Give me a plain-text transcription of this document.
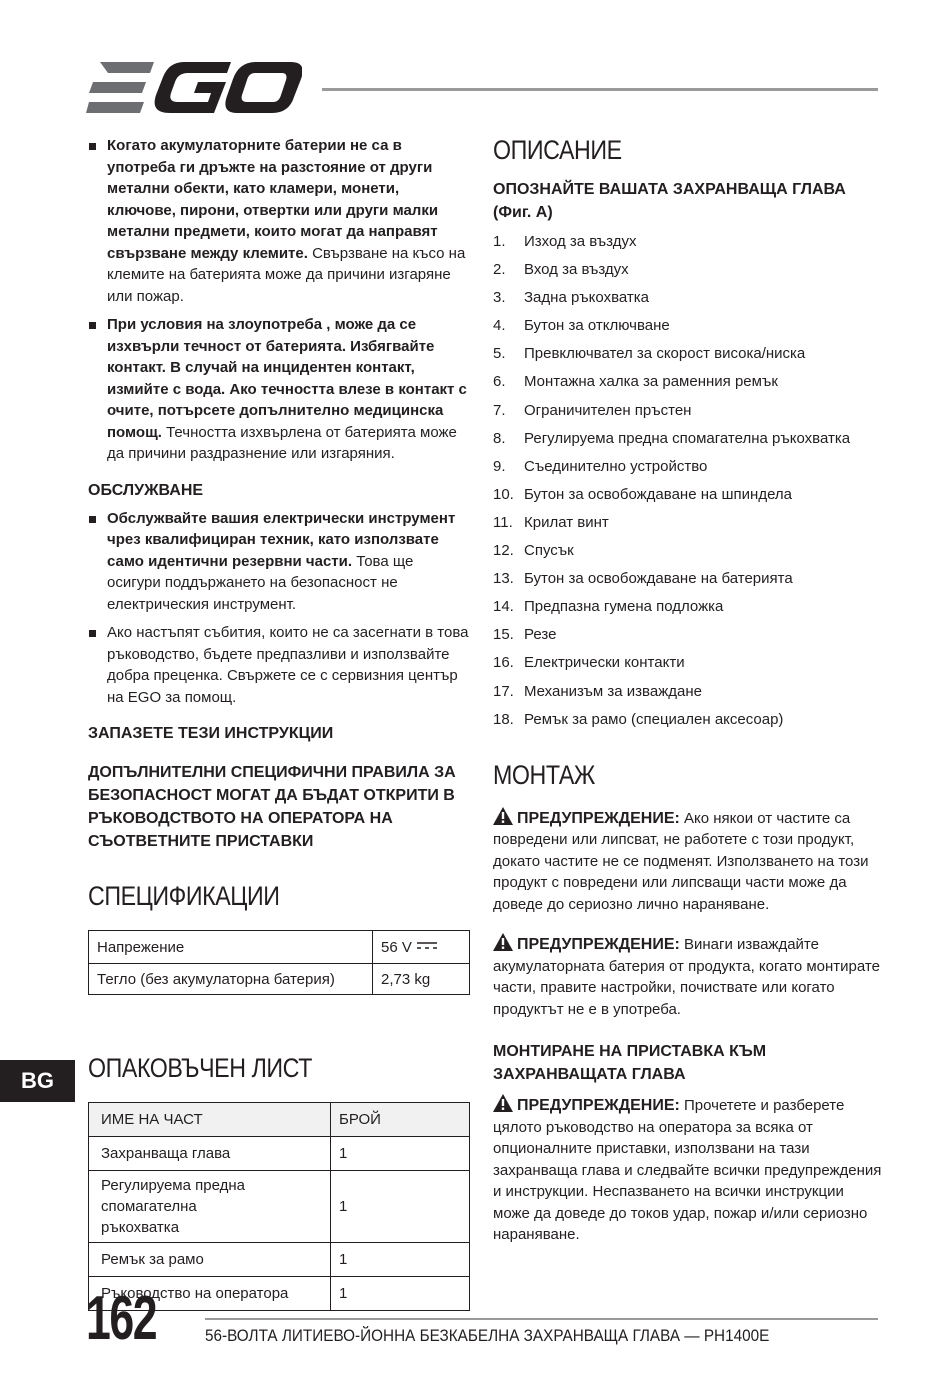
Когато акумулаторните батерии не са в употреба ги дръжте на разстояние от други метални обекти, като кламери, монети, ключове, пирони, отвертки или други малки метални предмети, които могат да направят свързване между клемите. Свързване на късо на клемите на батерията може да причини изгаряне или пожар.
При условия на злоупотреба , може да се изхвърли течност от батерията. Избягвайте контакт. В случай на инцидентен контакт, измийте с вода. Ако течността влезе в контакт с очите, потърсете допълнително медицинска помощ. Течността изхвърлена от батерията може да причини раздразнение или изгаряния.
ОБСЛУЖВАНЕ
Обслужвайте вашия електрически инструмент чрез квалифициран техник, като използвате само идентични резервни части. Това ще осигури поддържането на безопасност не електрическия инструмент.
Ако настъпят събития, които не са засегнати в това ръководство, бъдете предпазливи и използвайте добра преценка. Свържете се с сервизния център на EGO за помощ.
ЗАПАЗЕТЕ ТЕЗИ ИНСТРУКЦИИ
ДОПЪЛНИТЕЛНИ СПЕЦИФИЧНИ ПРАВИЛА ЗА БЕЗОПАСНОСТ МОГАТ ДА БЪДАТ ОТКРИТИ В РЪКОВОДСТВОТО НА ОПЕРАТОРА НА СЪОТВЕТНИТЕ ПРИСТАВКИ
СПЕЦИФИКАЦИИ
Напрежение	56 V
Тегло (без акумулаторна батерия)	2,73 kg
ОПАКОВЪЧЕН ЛИСТ
ИМЕ НА ЧАСТ	БРОЙ
Захранваща глава	1
Регулируема предна спомагателна ръкохватка	1
Ремък за рамо	1
Ръководство на оператора	1
ОПИСАНИЕ
ОПОЗНАЙТЕ ВАШАТА ЗАХРАНВАЩА ГЛАВА (Фиг. A)
1. Изход за въздух
2. Вход за въздух
3. Задна ръкохватка
4. Бутон за отключване
5. Превключвател за скорост висока/ниска
6. Монтажна халка за раменния ремък
7. Ограничителен пръстен
8. Регулируема предна спомагателна ръкохватка
9. Съединително устройство
10. Бутон за освобождаване на шпиндела
11. Крилат винт
12. Спусък
13. Бутон за освобождаване на батерията
14. Предпазна гумена подложка
15. Резе
16. Електрически контакти
17. Механизъм за изваждане
18. Ремък за рамо (специален аксесоар)
МОНТАЖ
ПРЕДУПРЕЖДЕНИЕ: Ако някои от частите са повредени или липсват, не работете с този продукт, докато частите не се подменят. Използването на този продукт с повредени или липсващи части може да доведе до сериозно лично нараняване.
ПРЕДУПРЕЖДЕНИЕ: Винаги изваждайте акумулаторната батерия от продукта, когато монтирате части, правите настройки, почиствате или когато продуктът не е в употреба.
МОНТИРАНЕ НА ПРИСТАВКА КЪМ ЗАХРАНВАЩАТА ГЛАВА
ПРЕДУПРЕЖДЕНИЕ: Прочетете и разберете цялото ръководство на оператора за всяка от опционалните приставки, използвани на тази захранваща глава и следвайте всички предупреждения и инструкции. Неспазването на всички инструкции може да доведе до токов удар, пожар и/или сериозно нараняване.
BG
162	56-ВОЛТА ЛИТИЕВО-ЙОННА БЕЗКАБЕЛНА ЗАХРАНВАЩА ГЛАВА — PH1400E
